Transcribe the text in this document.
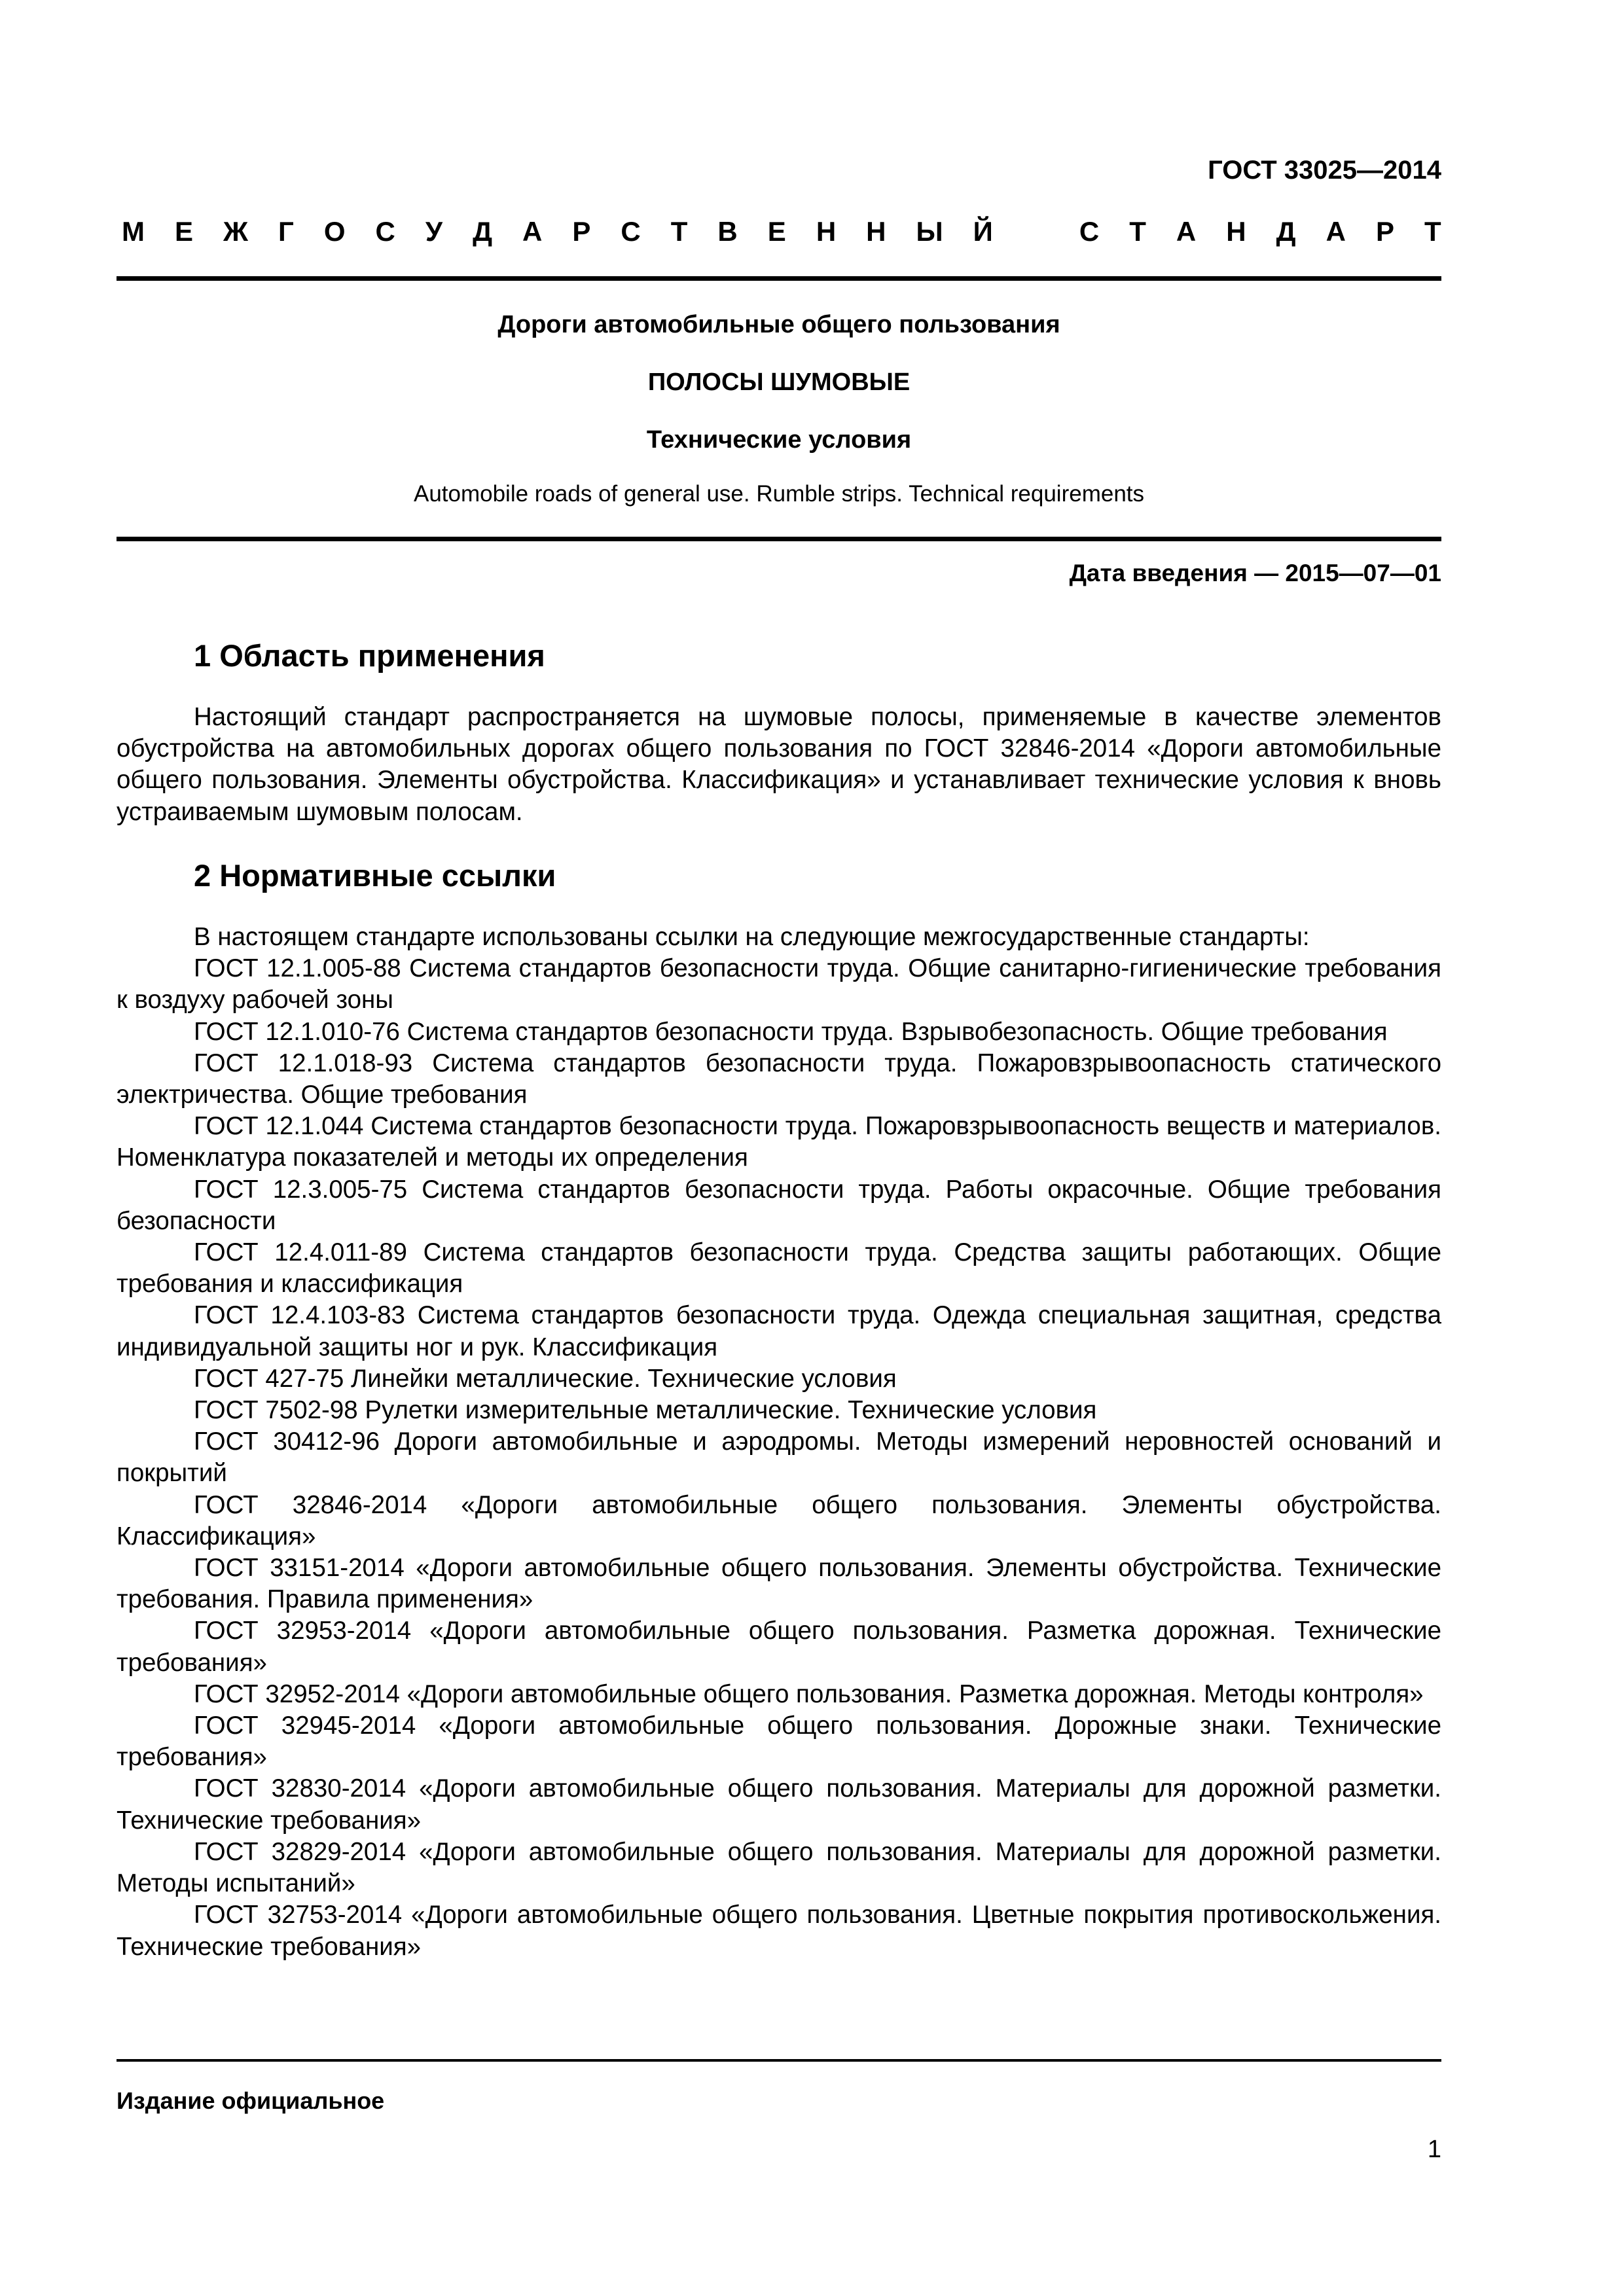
ГОСТ 33025—2014
М Е Ж Г О С У Д А Р С Т В Е Н Н Ы Й	С Т А Н Д А Р Т
Дороги автомобильные общего пользования
ПОЛОСЫ ШУМОВЫЕ
Технические условия
Automobile roads of general use. Rumble strips. Technical requirements
Дата введения — 2015—07—01
1 Область применения

Настоящий стандарт распространяется на шумовые полосы, применяемые в качестве элементов обустройства на автомобильных дорогах общего пользования по ГОСТ 32846-2014 «Дороги автомобильные общего пользования. Элементы обустройства. Классификация» и устанавливает технические условия к вновь устраиваемым шумовым полосам.

2 Нормативные ссылки

В настоящем стандарте использованы ссылки на следующие межгосударственные стандарты:

ГОСТ 12.1.005-88 Система стандартов безопасности труда. Общие санитарно-гигиенические требования к воздуху рабочей зоны

ГОСТ 12.1.010-76 Система стандартов безопасности труда. Взрывобезопасность. Общие требования

ГОСТ 12.1.018-93 Система стандартов безопасности труда. Пожаровзрывоопасность статического электричества. Общие требования

ГОСТ 12.1.044 Система стандартов безопасности труда. Пожаровзрывоопасность веществ и материалов. Номенклатура показателей и методы их определения

ГОСТ 12.3.005-75 Система стандартов безопасности труда. Работы окрасочные. Общие требования безопасности

ГОСТ 12.4.011-89 Система стандартов безопасности труда. Средства защиты работающих. Общие требования и классификация

ГОСТ 12.4.103-83 Система стандартов безопасности труда. Одежда специальная защитная, средства индивидуальной защиты ног и рук. Классификация

ГОСТ 427-75 Линейки металлические. Технические условия

ГОСТ 7502-98 Рулетки измерительные металлические. Технические условия

ГОСТ 30412-96 Дороги автомобильные и аэродромы. Методы измерений неровностей оснований и покрытий

ГОСТ 32846-2014 «Дороги автомобильные общего пользования. Элементы обустройства. Классификация»

ГОСТ 33151-2014 «Дороги автомобильные общего пользования. Элементы обустройства. Технические требования. Правила применения»

ГОСТ 32953-2014 «Дороги автомобильные общего пользования. Разметка дорожная. Технические требования»

ГОСТ 32952-2014 «Дороги автомобильные общего пользования. Разметка дорожная. Методы контроля»

ГОСТ 32945-2014 «Дороги автомобильные общего пользования. Дорожные знаки. Технические требования»

ГОСТ 32830-2014 «Дороги автомобильные общего пользования. Материалы для дорожной разметки. Технические требования»

ГОСТ 32829-2014 «Дороги автомобильные общего пользования. Материалы для дорожной разметки. Методы испытаний»

ГОСТ 32753-2014 «Дороги автомобильные общего пользования. Цветные покрытия противоскольжения. Технические требования»

Издание официальное
1
